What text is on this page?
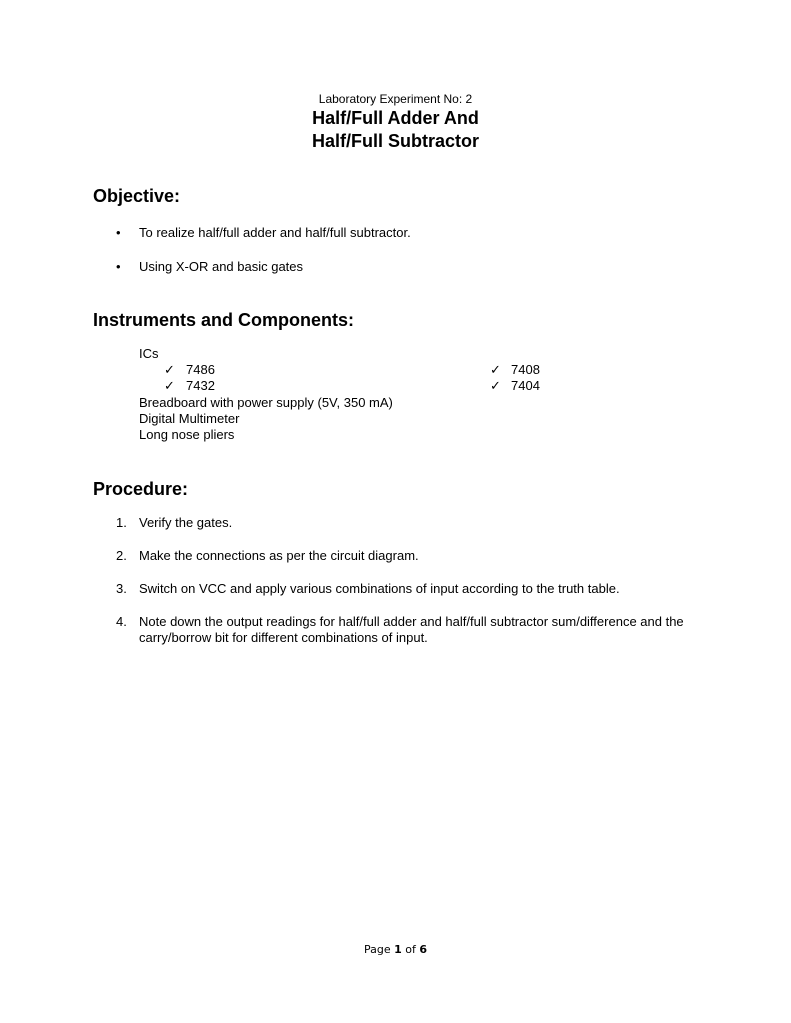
Laboratory Experiment No: 2
Half/Full Adder And
Half/Full Subtractor
Objective:
• To realize half/full adder and half/full subtractor.
• Using X-OR and basic gates
Instruments and Components:
ICs
✓ 7486
✓ 7432
✓ 7408
✓ 7404
Breadboard with power supply (5V, 350 mA)
Digital Multimeter
Long nose pliers
Procedure:
1. Verify the gates.
2. Make the connections as per the circuit diagram.
3. Switch on VCC and apply various combinations of input according to the truth table.
4. Note down the output readings for half/full adder and half/full subtractor sum/difference and the carry/borrow bit for different combinations of input.
Page 1 of 6
